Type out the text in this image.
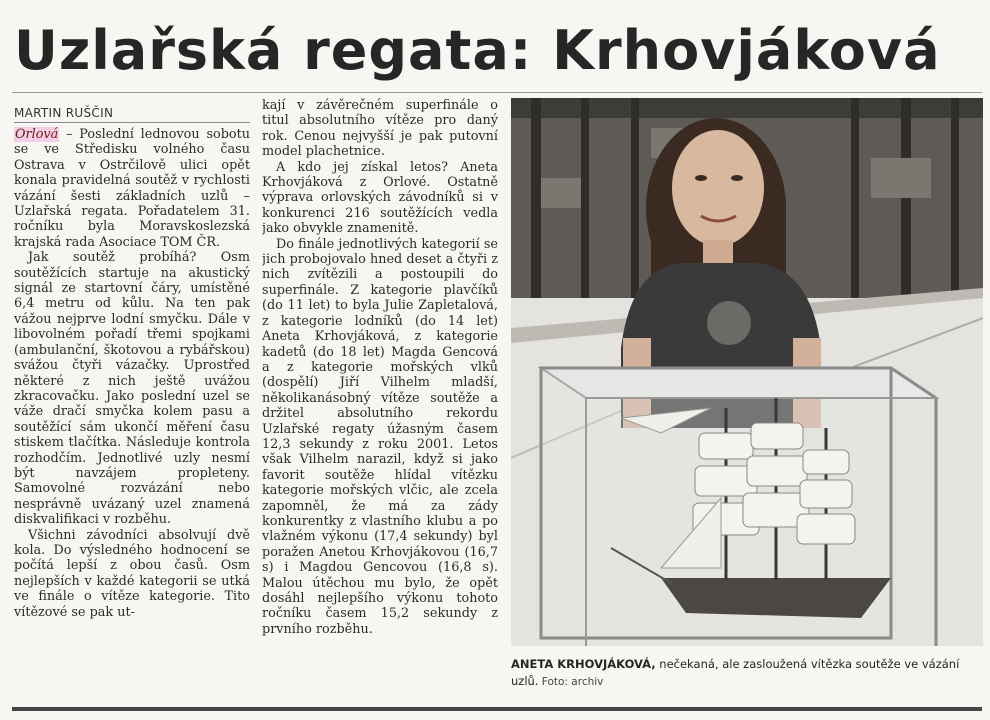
Uzlařská regata: Krhovjáková
MARTIN RUŠČIN

Orlová – Poslední lednovou sobotu se ve Středisku volného času Ostrava v Ostrčilově ulici opět konala pravidelná soutěž v rychlosti vázání šesti základních uzlů – Uzlařská regata. Pořadatelem 31. ročníku byla Moravskoslezská krajská rada Asociace TOM ČR.

Jak soutěž probíhá? Osm soutěžících startuje na akustický signál ze startovní čáry, umístěné 6,4 metru od kůlu. Na ten pak vážou nejprve lodní smyčku. Dále v libovolném pořadí třemi spojkami (ambulanční, škotovou a rybářskou) svážou čtyři vázačky. Uprostřed některé z nich ještě uvážou zkracovačku. Jako poslední uzel se váže dračí smyčka kolem pasu a soutěžící sám ukončí měření času stiskem tlačítka. Následuje kontrola rozhodčím. Jednotlivé uzly nesmí být navzájem propleteny. Samovolné rozvázání nebo nesprávně uvázaný uzel znamená diskvalifikaci v rozběhu.

Všichni závodníci absolvují dvě kola. Do výsledného hodnocení se počítá lepší z obou časů. Osm nejlepších v každé kategorii se utká ve finále o vítěze kategorie. Tito vítězové se pak ut-

kají v závěrečném superfinále o titul absolutního vítěze pro daný rok. Cenou nejvyšší je pak putovní model plachetnice.

A kdo jej získal letos? Aneta Krhovjáková z Orlové. Ostatně výprava orlovských závodníků si v konkurenci 216 soutěžících vedla jako obvykle znamenitě.

Do finále jednotlivých kategorií se jich probojovalo hned deset a čtyři z nich zvítězili a postoupili do superfinále. Z kategorie plavčíků (do 11 let) to byla Julie Zapletalová, z kategorie lodníků (do 14 let) Aneta Krhovjáková, z kategorie kadetů (do 18 let) Magda Gencová a z kategorie mořských vlků (dospělí) Jiří Vilhelm mladší, několikanásobný vítěze soutěže a držitel absolutního rekordu Uzlařské regaty úžasným časem 12,3 sekundy z roku 2001. Letos však Vilhelm narazil, když si jako favorit soutěže hlídal vítězku kategorie mořských vlčic, ale zcela zapomněl, že má za zády konkurentky z vlastního klubu a po vlažném výkonu (17,4 sekundy) byl poražen Anetou Krhovjákovou (16,7 s) i Magdou Gencovou (16,8 s). Malou útěchou mu bylo, že opět dosáhl nejlepšího výkonu tohoto ročníku časem 15,2 sekundy z prvního rozběhu.

ANETA KRHOVJÁKOVÁ, nečekaná, ale zasloužená vítězka soutěže ve vázání uzlů. Foto: archiv
